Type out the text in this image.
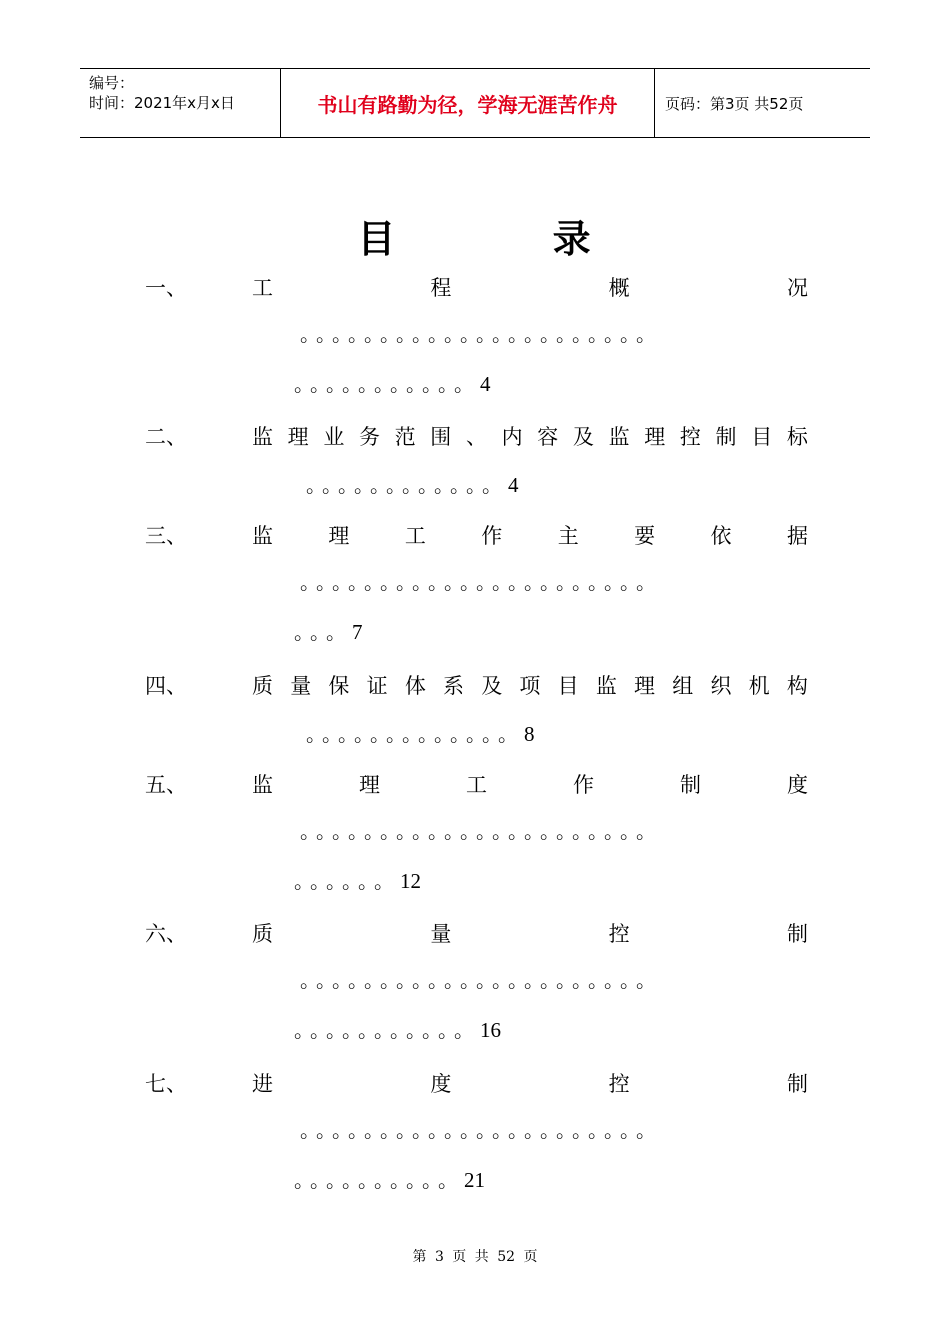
编号：
时间：2021年x月x日	书山有路勤为径，学海无涯苦作舟	页码：第3页 共52页
目 录
一、	工	程	概	况
。。。。。。。。。。。。。。。。。。。。。。
。。。。。。。。。。。4
二、	监 理 业 务 范 围 、 内 容 及 监 理 控 制 目 标
。。。。。。。。。。。。4
三、	监	理	工	作	主	要	依	据
。。。。。。。。。。。。。。。。。。。。。。
。。。7
四、	质 量 保 证 体 系 及 项 目 监 理 组 织 机 构
。。。。。。。。。。。。。8
五、	监	理	工	作	制	度
。。。。。。。。。。。。。。。。。。。。。。
。。。。。。12
六、	质	量	控	制
。。。。。。。。。。。。。。。。。。。。。。
。。。。。。。。。。。16
七、	进	度	控	制
。。。。。。。。。。。。。。。。。。。。。。
。。。。。。。。。。21
第 3 页 共 52 页
